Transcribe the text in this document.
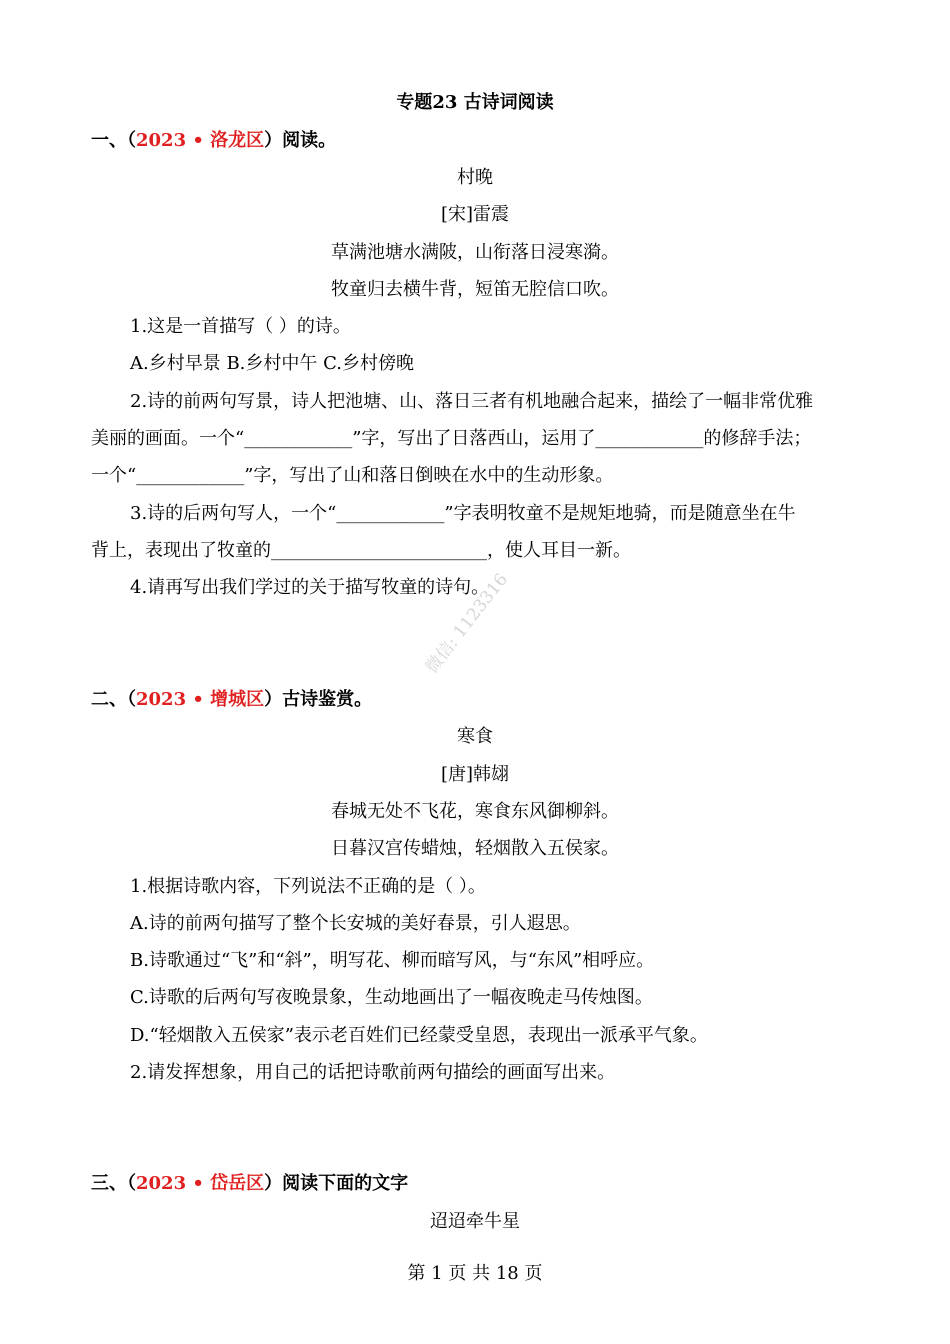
专题23 古诗词阅读
一、（2023 • 洛龙区）阅读。
村晚
[宋]雷震
草满池塘水满陂，山衔落日浸寒漪。
牧童归去横牛背，短笛无腔信口吹。
1.这是一首描写（ ）的诗。
A.乡村早景 B.乡村中午 C.乡村傍晚
2.诗的前两句写景，诗人把池塘、山、落日三者有机地融合起来，描绘了一幅非常优雅
美丽的画面。一个“____________”字，写出了日落西山，运用了____________的修辞手法；
一个“____________”字，写出了山和落日倒映在水中的生动形象。
3.诗的后两句写人，一个“____________”字表明牧童不是规矩地骑，而是随意坐在牛
背上，表现出了牧童的________________________，使人耳目一新。
4.请再写出我们学过的关于描写牧童的诗句。
微信: 1123316
二、（2023 • 增城区）古诗鉴赏。
寒食
[唐]韩翃
春城无处不飞花，寒食东风御柳斜。
日暮汉宫传蜡烛，轻烟散入五侯家。
1.根据诗歌内容，下列说法不正确的是（ ）。
A.诗的前两句描写了整个长安城的美好春景，引人遐思。
B.诗歌通过“飞”和“斜”，明写花、柳而暗写风，与“东风”相呼应。
C.诗歌的后两句写夜晚景象，生动地画出了一幅夜晚走马传烛图。
D.“轻烟散入五侯家”表示老百姓们已经蒙受皇恩，表现出一派承平气象。
2.请发挥想象，用自己的话把诗歌前两句描绘的画面写出来。
三、（2023 • 岱岳区）阅读下面的文字
迢迢牵牛星
第 1 页 共 18 页
